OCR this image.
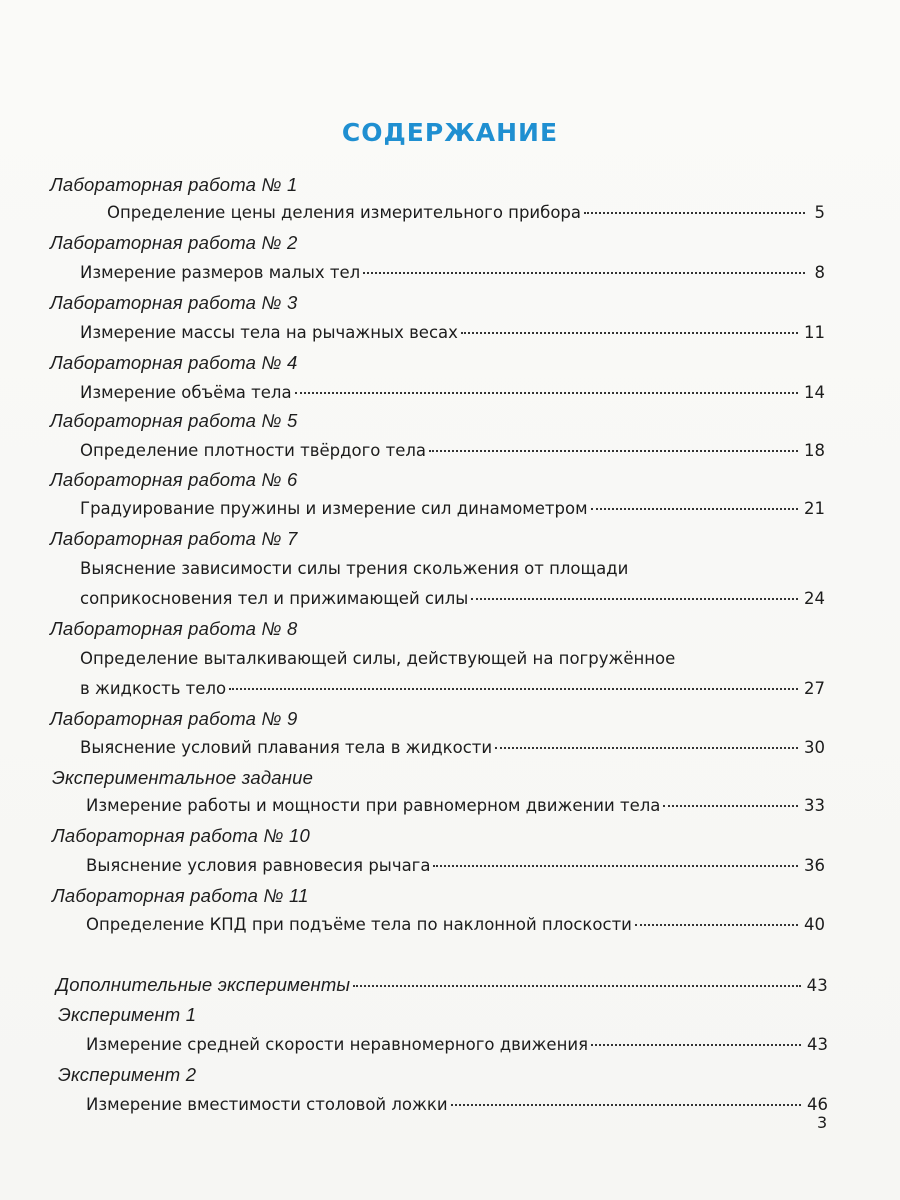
СОДЕРЖАНИЕ
Лабораторная работа № 1
Определение цены деления измерительного прибора	5
Лабораторная работа № 2
Измерение размеров малых тел	8
Лабораторная работа № 3
Измерение массы тела на рычажных весах	11
Лабораторная работа № 4
Измерение объёма тела	14
Лабораторная работа № 5
Определение плотности твёрдого тела	18
Лабораторная работа № 6
Градуирование пружины и измерение сил динамометром	21
Лабораторная работа № 7
Выяснение зависимости силы трения скольжения от площади
соприкосновения тел и прижимающей силы	24
Лабораторная работа № 8
Определение выталкивающей силы, действующей на погружённое
в жидкость тело	27
Лабораторная работа № 9
Выяснение условий плавания тела в жидкости	30
Экспериментальное задание
Измерение работы и мощности при равномерном движении тела	33
Лабораторная работа № 10
Выяснение условия равновесия рычага	36
Лабораторная работа № 11
Определение КПД при подъёме тела по наклонной плоскости	40
Дополнительные эксперименты	43
Эксперимент 1
Измерение средней скорости неравномерного движения	43
Эксперимент 2
Измерение вместимости столовой ложки	46
3
